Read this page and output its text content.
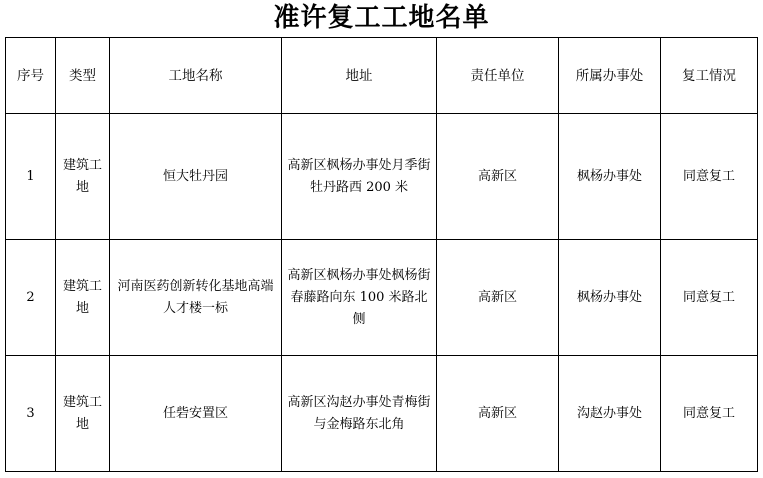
准许复工工地名单
序号	类型	工地名称	地址	责任单位	所属办事处	复工情况
1	建筑工地	恒大牡丹园	高新区枫杨办事处月季街牡丹路西 200 米	高新区	枫杨办事处	同意复工
2	建筑工地	河南医药创新转化基地高端人才楼一标	高新区枫杨办事处枫杨街春藤路向东 100 米路北侧	高新区	枫杨办事处	同意复工
3	建筑工地	任砦安置区	高新区沟赵办事处青梅街与金梅路东北角	高新区	沟赵办事处	同意复工
